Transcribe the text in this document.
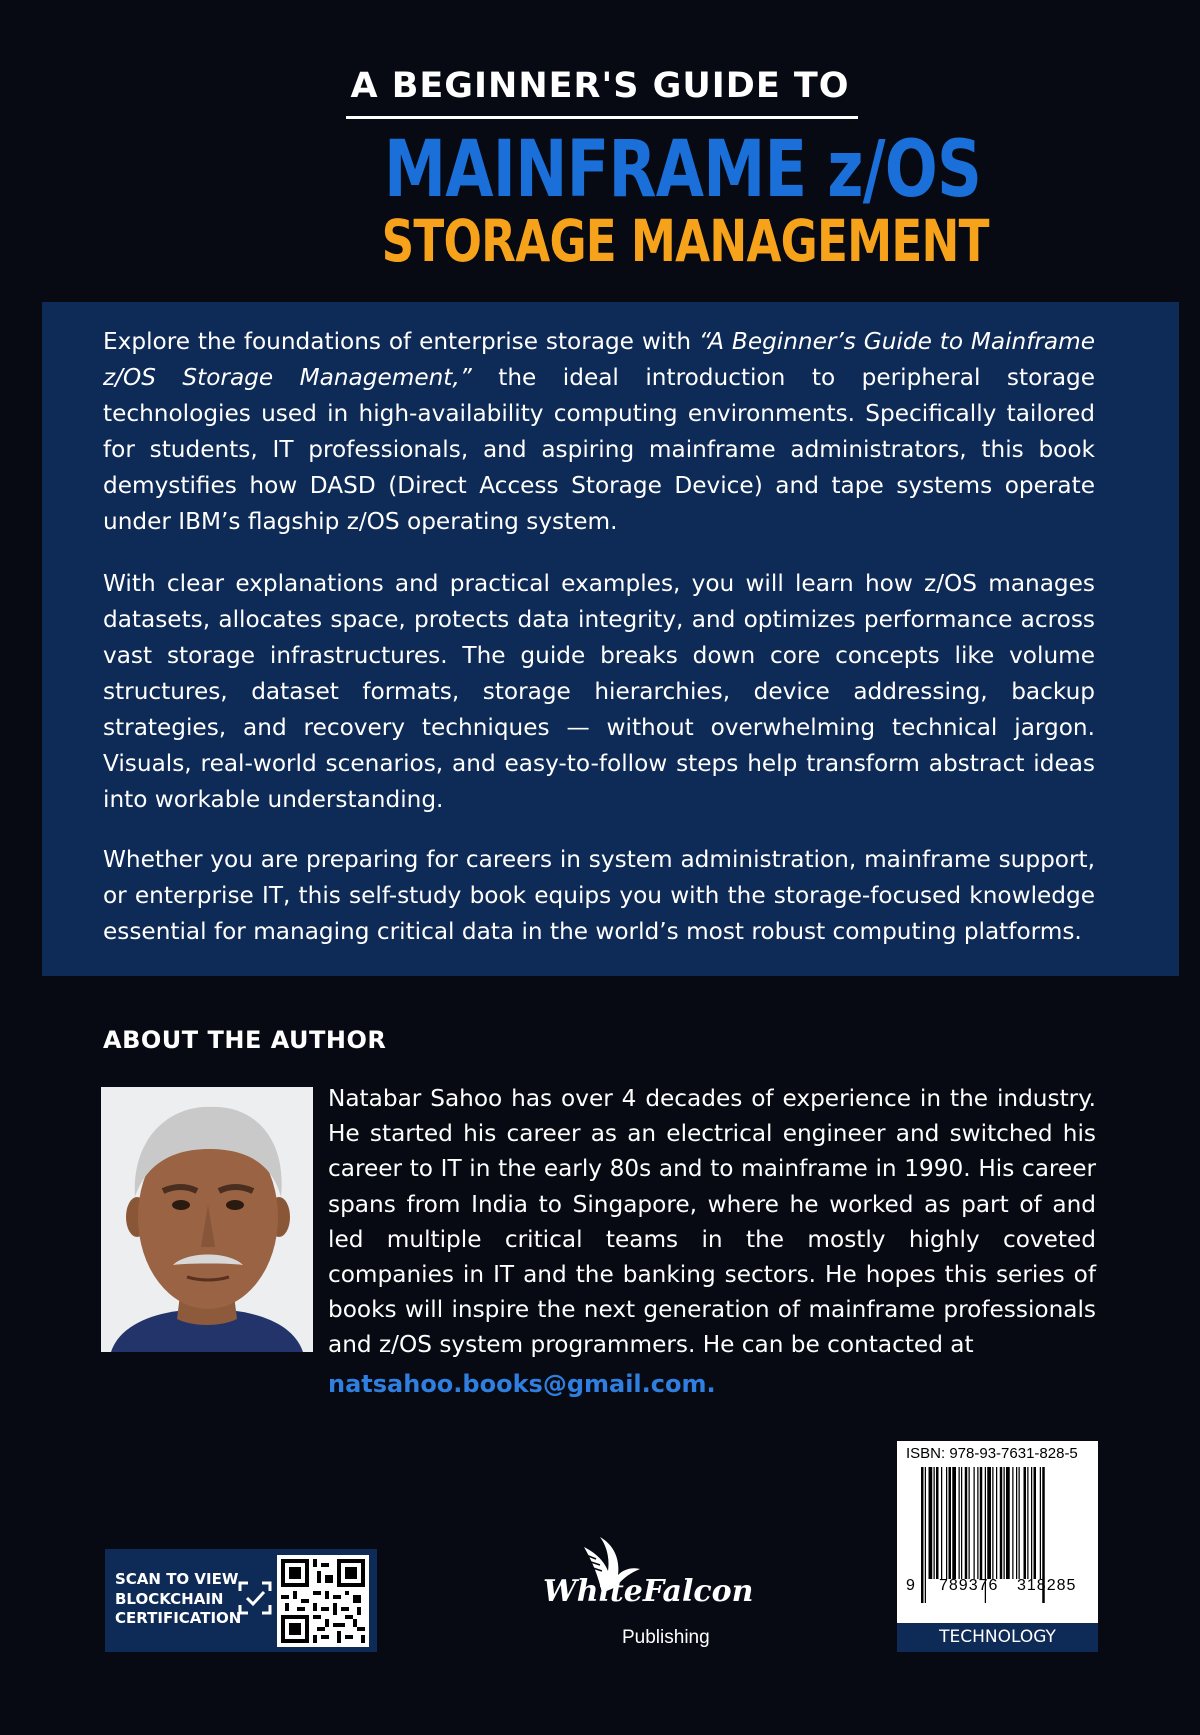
A BEGINNER'S GUIDE TO
MAINFRAME z/OS
STORAGE MANAGEMENT

Explore the foundations of enterprise storage with “A Beginner’s Guide to Mainframe z/OS Storage Management,” the ideal introduction to peripheral storage technologies used in high-availability computing environments. Specifically tailored for students, IT professionals, and aspiring mainframe administrators, this book demystifies how DASD (Direct Access Storage Device) and tape systems operate under IBM’s flagship z/OS operating system.

With clear explanations and practical examples, you will learn how z/OS manages datasets, allocates space, protects data integrity, and optimizes performance across vast storage infrastructures. The guide breaks down core concepts like volume structures, dataset formats, storage hierarchies, device addressing, backup strategies, and recovery techniques — without overwhelming technical jargon. Visuals, real-world scenarios, and easy-to-follow steps help transform abstract ideas into workable understanding.

Whether you are preparing for careers in system administration, mainframe support, or enterprise IT, this self-study book equips you with the storage-focused knowledge essential for managing critical data in the world’s most robust computing platforms.

ABOUT THE AUTHOR

Natabar Sahoo has over 4 decades of experience in the industry. He started his career as an electrical engineer and switched his career to IT in the early 80s and to mainframe in 1990. His career spans from India to Singapore, where he worked as part of and led multiple critical teams in the mostly highly coveted companies in IT and the banking sectors. He hopes this series of books will inspire the next generation of mainframe professionals and z/OS system programmers. He can be contacted at

natsahoo.books@gmail.com.
SCAN TO VIEW
BLOCKCHAIN
CERTIFICATION
WhiteFalcon
Publishing
ISBN: 978-93-7631-828-5
9 789376 318285
TECHNOLOGY
